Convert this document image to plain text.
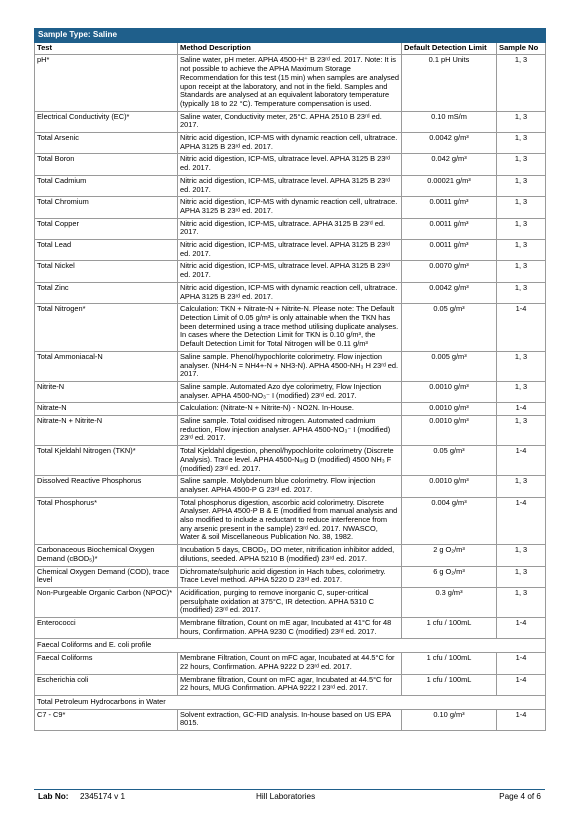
Sample Type: Saline			
Test	Method Description	Default Detection Limit	Sample No
pH*	Saline water, pH meter. APHA 4500-H⁺ B 23ʳᵈ ed. 2017. Note: It is not possible to achieve the APHA Maximum Storage Recommendation for this test (15 min) when samples are analysed upon receipt at the laboratory, and not in the field. Samples and Standards are analysed at an equivalent laboratory temperature (typically 18 to 22 °C). Temperature compensation is used.	0.1 pH Units	1, 3
Electrical Conductivity (EC)*	Saline water, Conductivity meter, 25°C. APHA 2510 B 23ʳᵈ ed. 2017.	0.10 mS/m	1, 3
Total Arsenic	Nitric acid digestion, ICP-MS with dynamic reaction cell, ultratrace. APHA 3125 B 23ʳᵈ ed. 2017.	0.0042 g/m³	1, 3
Total Boron	Nitric acid digestion, ICP-MS, ultratrace level. APHA 3125 B 23ʳᵈ ed. 2017.	0.042 g/m³	1, 3
Total Cadmium	Nitric acid digestion, ICP-MS, ultratrace level. APHA 3125 B 23ʳᵈ ed. 2017.	0.00021 g/m³	1, 3
Total Chromium	Nitric acid digestion, ICP-MS with dynamic reaction cell, ultratrace. APHA 3125 B 23ʳᵈ ed. 2017.	0.0011 g/m³	1, 3
Total Copper	Nitric acid digestion, ICP-MS, ultratrace. APHA 3125 B 23ʳᵈ ed. 2017.	0.0011 g/m³	1, 3
Total Lead	Nitric acid digestion, ICP-MS, ultratrace level. APHA 3125 B 23ʳᵈ ed. 2017.	0.0011 g/m³	1, 3
Total Nickel	Nitric acid digestion, ICP-MS, ultratrace level. APHA 3125 B 23ʳᵈ ed. 2017.	0.0070 g/m³	1, 3
Total Zinc	Nitric acid digestion, ICP-MS with dynamic reaction cell, ultratrace. APHA 3125 B 23ʳᵈ ed. 2017.	0.0042 g/m³	1, 3
Total Nitrogen*	Calculation: TKN + Nitrate-N + Nitrite-N. Please note: The Default Detection Limit of 0.05 g/m³ is only attainable when the TKN has been determined using a trace method utilising duplicate analyses. In cases where the Detection Limit for TKN is 0.10 g/m³, the Default Detection Limit for Total Nitrogen will be 0.11 g/m³	0.05 g/m³	1-4
Total Ammoniacal-N	Saline sample. Phenol/hypochlorite colorimetry. Flow injection analyser. (NH4-N = NH4+-N + NH3-N). APHA 4500-NH₃ H 23ʳᵈ ed. 2017.	0.005 g/m³	1, 3
Nitrite-N	Saline sample. Automated Azo dye colorimetry, Flow Injection analyser. APHA 4500-NO₃⁻ I (modified) 23ʳᵈ ed. 2017.	0.0010 g/m³	1, 3
Nitrate-N	Calculation: (Nitrate-N + Nitrite-N) - NO2N. In-House.	0.0010 g/m³	1-4
Nitrate-N + Nitrite-N	Saline sample. Total oxidised nitrogen. Automated cadmium reduction, Flow injection analyser. APHA 4500-NO₃⁻ I (modified) 23ʳᵈ ed. 2017.	0.0010 g/m³	1, 3
Total Kjeldahl Nitrogen (TKN)*	Total Kjeldahl digestion, phenol/hypochlorite colorimetry (Discrete Analysis). Trace level. APHA 4500-Nₒᵣg D (modified) 4500 NH₃ F (modified) 23ʳᵈ ed. 2017.	0.05 g/m³	1-4
Dissolved Reactive Phosphorus	Saline sample. Molybdenum blue colorimetry. Flow injection analyser. APHA 4500-P G 23ʳᵈ ed. 2017.	0.0010 g/m³	1, 3
Total Phosphorus*	Total phosphorus digestion, ascorbic acid colorimetry. Discrete Analyser. APHA 4500-P B & E (modified from manual analysis and also modified to include a reductant to reduce interference from any arsenic present in the sample) 23ʳᵈ ed. 2017. NWASCO, Water & soil Miscellaneous Publication No. 38, 1982.	0.004 g/m³	1-4
Carbonaceous Biochemical Oxygen Demand (cBOD₅)*	Incubation 5 days, CBOD₅, DO meter, nitrification inhibitor added, dilutions, seeded. APHA 5210 B (modified) 23ʳᵈ ed. 2017.	2 g O₂/m³	1, 3
Chemical Oxygen Demand (COD), trace level	Dichromate/sulphuric acid digestion in Hach tubes, colorimetry. Trace Level method. APHA 5220 D 23ʳᵈ ed. 2017.	6 g O₂/m³	1, 3
Non-Purgeable Organic Carbon (NPOC)*	Acidification, purging to remove inorganic C, super-critical persulphate oxidation at 375°C, IR detection. APHA 5310 C (modified) 23ʳᵈ ed. 2017.	0.3 g/m³	1, 3
Enterococci	Membrane filtration, Count on mE agar, Incubated at 41°C for 48 hours, Confirmation. APHA 9230 C (modified) 23ʳᵈ ed. 2017.	1 cfu / 100mL	1-4
Faecal Coliforms and E. coli profile			
Faecal Coliforms	Membrane Filtration, Count on mFC agar, Incubated at 44.5°C for 22 hours, Confirmation. APHA 9222 D 23ʳᵈ ed. 2017.	1 cfu / 100mL	1-4
Escherichia coli	Membrane filtration, Count on mFC agar, Incubated at 44.5°C for 22 hours, MUG Confirmation. APHA 9222 I 23ʳᵈ ed. 2017.	1 cfu / 100mL	1-4
Total Petroleum Hydrocarbons in Water			
C7 - C9*	Solvent extraction, GC-FID analysis. In-house based on US EPA 8015.	0.10 g/m³	1-4
Lab No: 2345174 v 1	Hill Laboratories	Page 4 of 6
